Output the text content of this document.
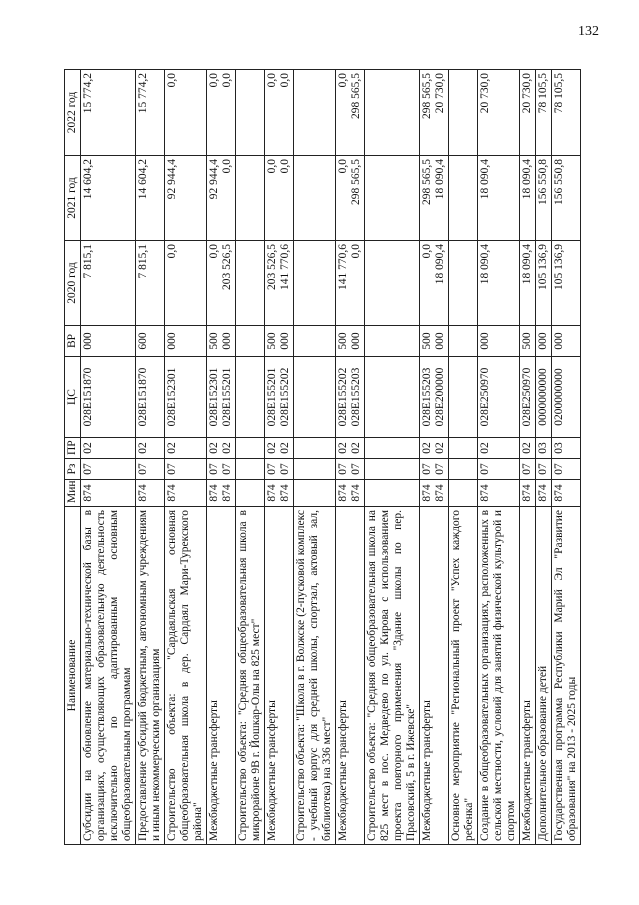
132
Наименование	Мин	Рз	ПР	ЦС	ВР	2020 год	2021 год	2022 год
Субсидии на обновление материально-технической базы в организациях, осуществляющих образовательную деятельность исключительно по адаптированным основным общеобразовательным программам	874	07	02	028E151870	000	7 815,1	14 604,2	15 774,2

Предоставление субсидий бюджетным, автономным учреждениям и иным некоммерческим организациям	874	07	02	028E151870	600	7 815,1	14 604,2	15 774,2

Строительство объекта: "Сардаяльская основная общеобразовательная школа в дер. Сардаял Мари-Турекского района"	874	07	02	028E152301	000	0,0	92 944,4	0,0

Межбюджетные трансферты	874 874	07 07	02 02	028E152301 028E155201	500 000	0,0 203 526,5	92 944,4 0,0	0,0 0,0

Строительство объекта: "Средняя общеобразовательная школа в микрорайоне 9В г. Йошкар-Олы на 825 мест"								
Межбюджетные трансферты	874 874	07 07	02 02	028E155201 028E155202	500 000	203 526,5 141 770,6	0,0 0,0	0,0 0,0

Строительство объекта: "Школа в г. Волжске (2-пусковой комплекс - учебный корпус для средней школы, спортзал, актовый зал, библиотека) на 336 мест"								
Межбюджетные трансферты	874 874	07 07	02 02	028E155202 028E155203	500 000	141 770,6 0,0	0,0 298 565,5	0,0 298 565,5

Строительство объекта: "Средняя общеобразовательная школа на 825 мест в пос. Медведево по ул. Кирова с использованием проекта повторного применения "Здание школы по пер. Прасовский, 5 в г. Ижевске"								
Межбюджетные трансферты	874 874	07 07	02 02	028E155203 028E200000	500 000	0,0 18 090,4	298 565,5 18 090,4	298 565,5 20 730,0

Основное мероприятие "Региональный проект "Успех каждого ребенка"								
Создание в общеобразовательных организациях, расположенных в сельской местности, условий для занятий физической культурой и спортом	874	07	02	028E250970	000	18 090,4	18 090,4	20 730,0

Межбюджетные трансферты	874	07	02	028E250970	500	18 090,4	18 090,4	20 730,0

Дополнительное образование детей	874	07	03	0000000000	000	105 136,9	156 550,8	78 105,5

Государственная программа Республики Марий Эл "Развитие образования" на 2013 - 2025 годы	874	07	03	0200000000	000	105 136,9	156 550,8	78 105,5
